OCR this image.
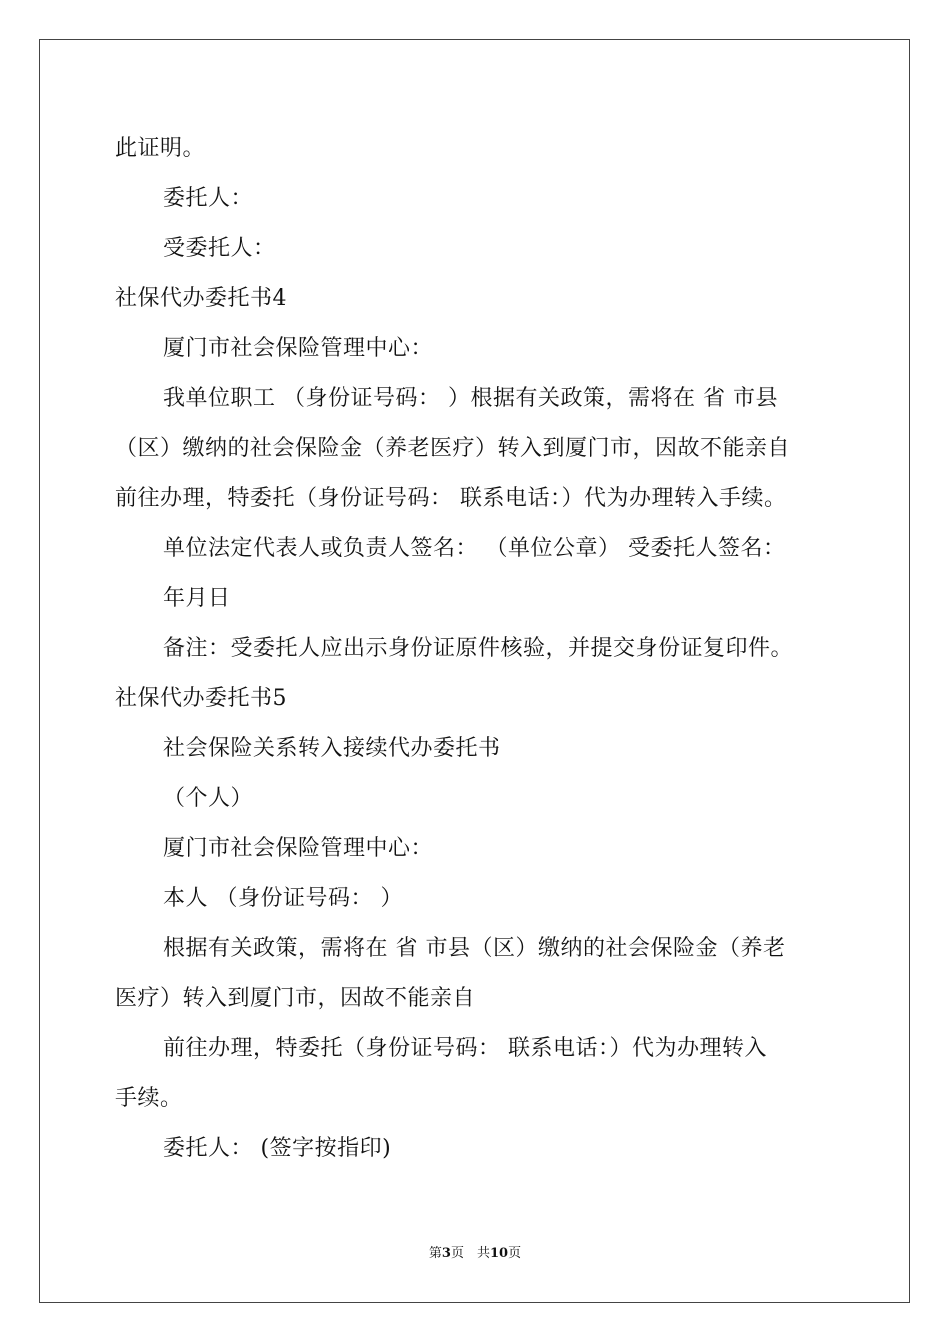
此证明。
委托人：
受委托人：
社保代办委托书4
厦门市社会保险管理中心：
我单位职工 （身份证号码： ）根据有关政策，需将在 省 市县
（区）缴纳的社会保险金（养老医疗）转入到厦门市，因故不能亲自
前往办理，特委托（身份证号码： 联系电话：）代为办理转入手续。
单位法定代表人或负责人签名： （单位公章） 受委托人签名：
年月日
备注：受委托人应出示身份证原件核验，并提交身份证复印件。
社保代办委托书5
社会保险关系转入接续代办委托书
（个人）
厦门市社会保险管理中心：
本人 （身份证号码： ）
根据有关政策，需将在 省 市县（区）缴纳的社会保险金（养老
医疗）转入到厦门市，因故不能亲自
前往办理，特委托（身份证号码： 联系电话：）代为办理转入
手续。
委托人： (签字按指印)
第3页　共10页
